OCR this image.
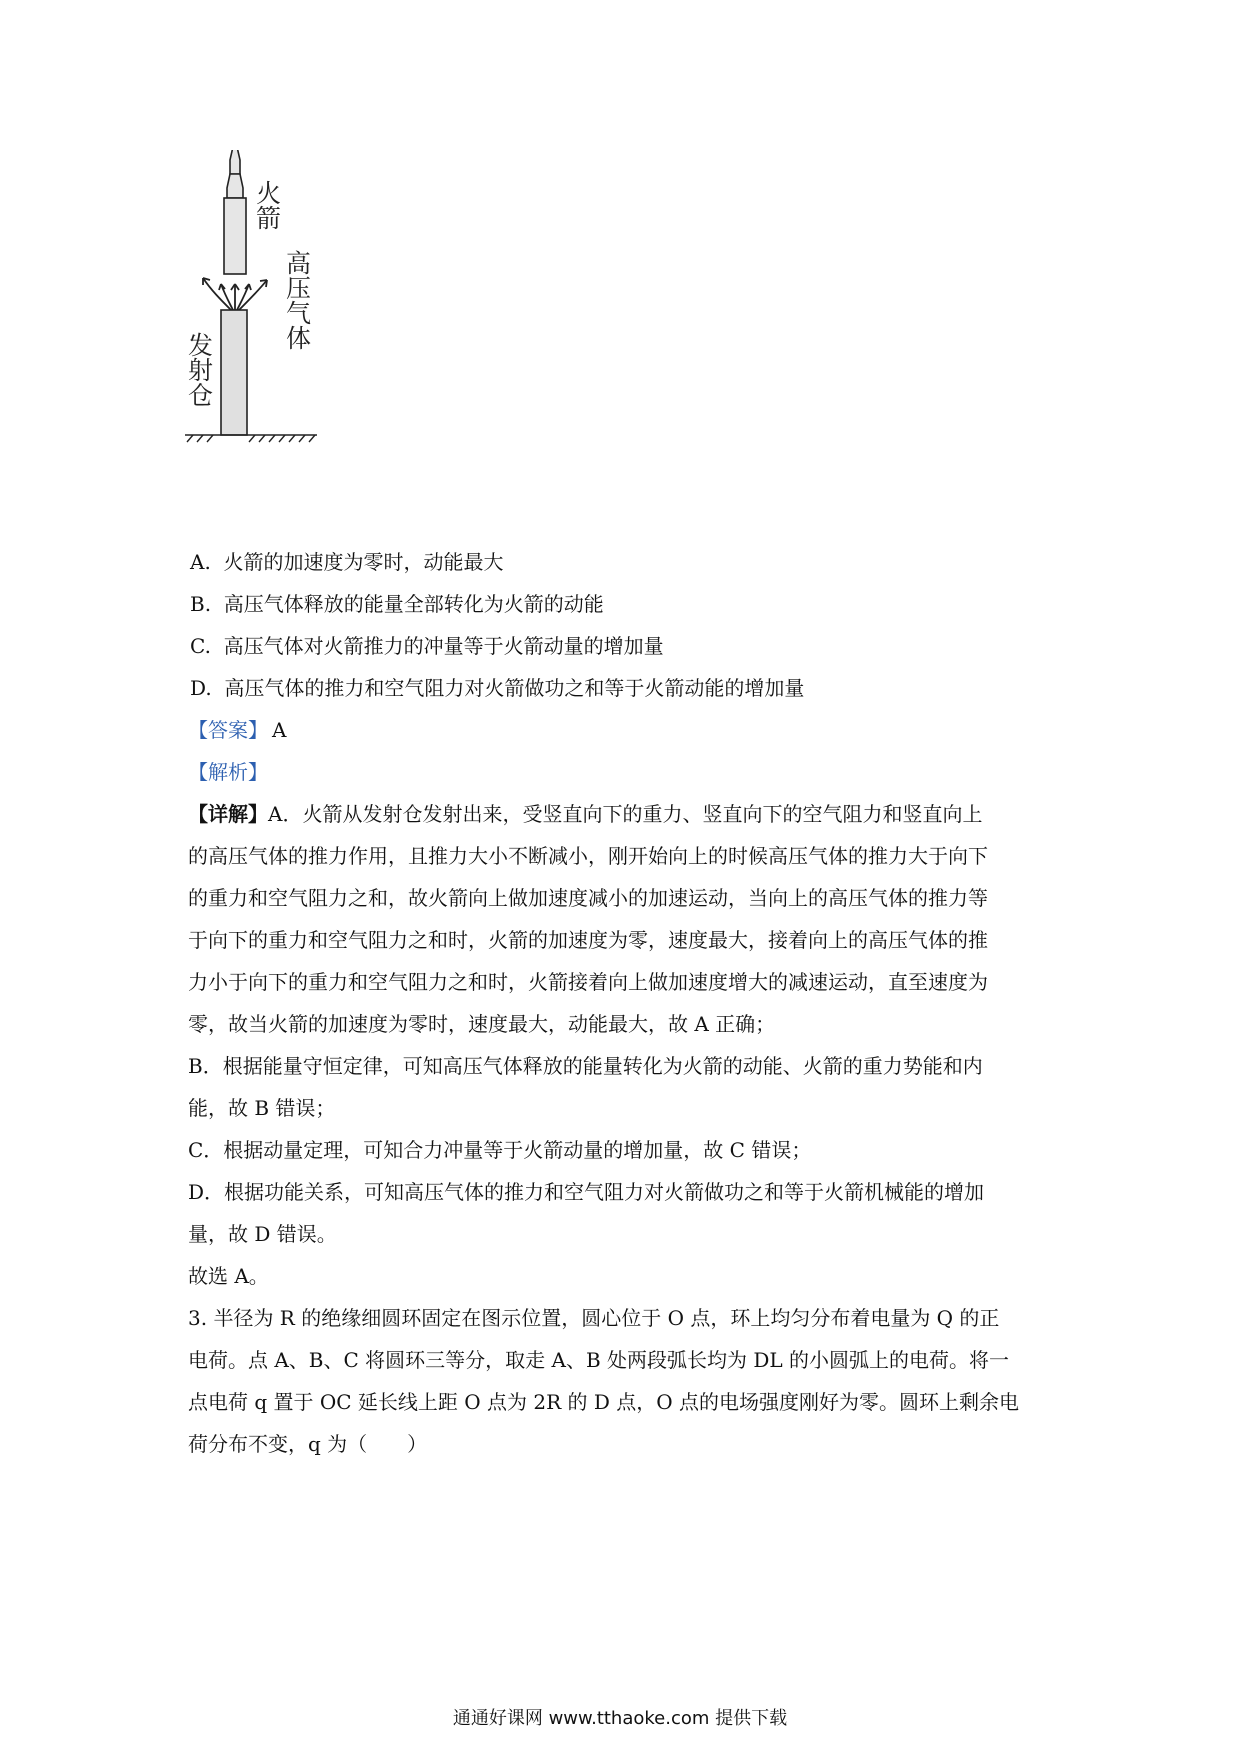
火箭
高压气体
发射仓
A. 火箭的加速度为零时，动能最大
B. 高压气体释放的能量全部转化为火箭的动能
C. 高压气体对火箭推力的冲量等于火箭动量的增加量
D. 高压气体的推力和空气阻力对火箭做功之和等于火箭动能的增加量
【答案】 A
【解析】
【详解】A．火箭从发射仓发射出来，受竖直向下的重力、竖直向下的空气阻力和竖直向上
的高压气体的推力作用，且推力大小不断减小，刚开始向上的时候高压气体的推力大于向下
的重力和空气阻力之和，故火箭向上做加速度减小的加速运动，当向上的高压气体的推力等
于向下的重力和空气阻力之和时，火箭的加速度为零，速度最大，接着向上的高压气体的推
力小于向下的重力和空气阻力之和时，火箭接着向上做加速度增大的减速运动，直至速度为
零，故当火箭的加速度为零时，速度最大，动能最大，故 A 正确；
B．根据能量守恒定律，可知高压气体释放的能量转化为火箭的动能、火箭的重力势能和内
能，故 B 错误；
C．根据动量定理，可知合力冲量等于火箭动量的增加量，故 C 错误；
D．根据功能关系，可知高压气体的推力和空气阻力对火箭做功之和等于火箭机械能的增加
量，故 D 错误。
故选 A。
3. 半径为 R 的绝缘细圆环固定在图示位置，圆心位于 O 点，环上均匀分布着电量为 Q 的正
电荷。点 A、B、C 将圆环三等分，取走 A、B 处两段弧长均为 DL 的小圆弧上的电荷。将一
点电荷 q 置于 OC 延长线上距 O 点为 2R 的 D 点，O 点的电场强度刚好为零。圆环上剩余电
荷分布不变，q 为（　　）
通通好课网 www.tthaoke.com 提供下载
